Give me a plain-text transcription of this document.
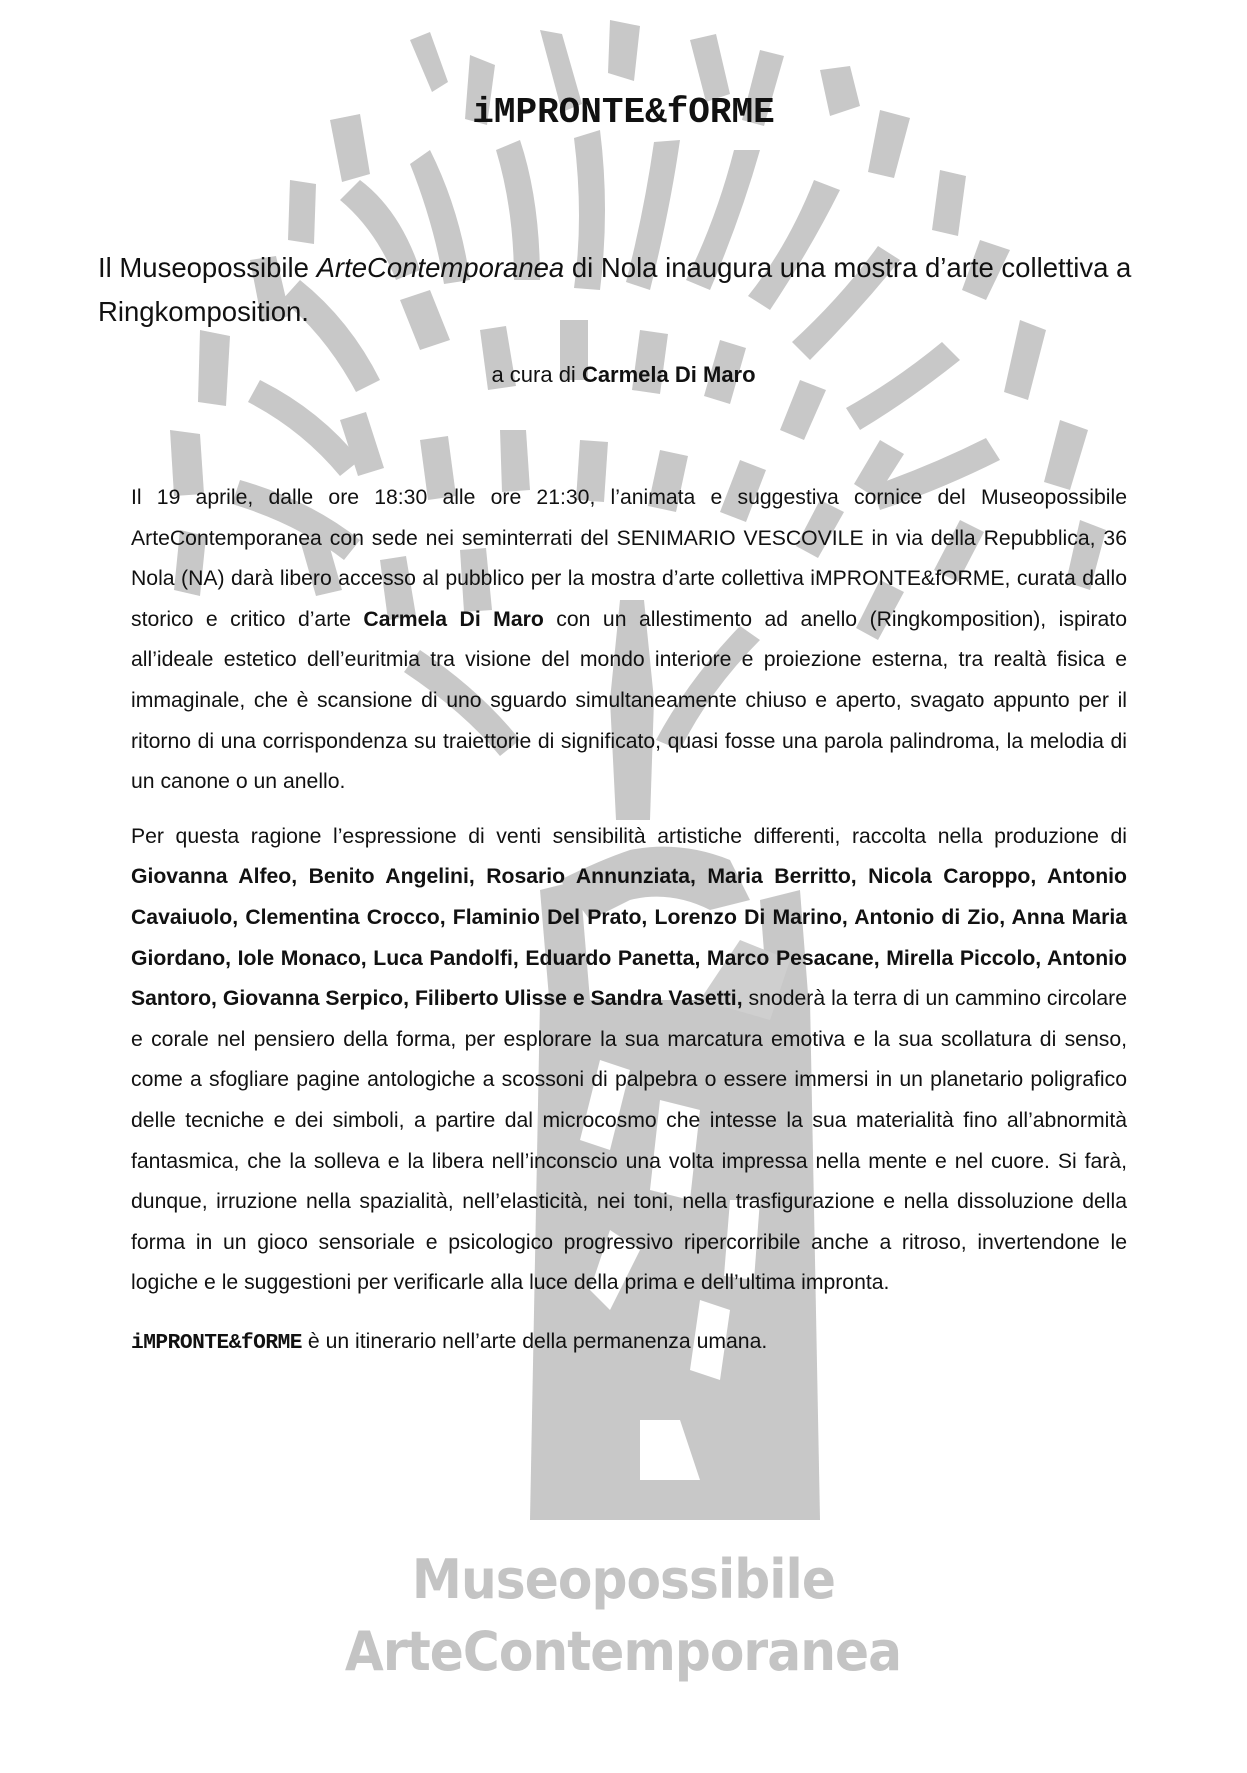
iMPRONTE&fORME
Il Museopossibile ArteContemporanea di Nola inaugura una mostra d’arte collettiva a Ringkomposition.
a cura di Carmela Di Maro

Il 19 aprile, dalle ore 18:30 alle ore 21:30, l’animata e suggestiva cornice del Museopossibile ArteContemporanea con sede nei seminterrati del SENIMARIO VESCOVILE in via della Repubblica, 36 Nola (NA) darà libero accesso al pubblico per la mostra d’arte collettiva iMPRONTE&fORME, curata dallo storico e critico d’arte Carmela Di Maro con un allestimento ad anello (Ringkomposition), ispirato all’ideale estetico dell’euritmia tra visione del mondo interiore e proiezione esterna, tra realtà fisica e immaginale, che è scansione di uno sguardo simultaneamente chiuso e aperto, svagato appunto per il ritorno di una corrispondenza su traiettorie di significato, quasi fosse una parola palindroma, la melodia di un canone o un anello.

Per questa ragione l’espressione di venti sensibilità artistiche differenti, raccolta nella produzione di Giovanna Alfeo, Benito Angelini, Rosario Annunziata, Maria Berritto, Nicola Caroppo, Antonio Cavaiuolo, Clementina Crocco, Flaminio Del Prato, Lorenzo Di Marino, Antonio di Zio, Anna Maria Giordano, Iole Monaco, Luca Pandolfi, Eduardo Panetta, Marco Pesacane, Mirella Piccolo, Antonio Santoro, Giovanna Serpico, Filiberto Ulisse e Sandra Vasetti, snoderà la terra di un cammino circolare e corale nel pensiero della forma, per esplorare la sua marcatura emotiva e la sua scollatura di senso, come a sfogliare pagine antologiche a scossoni di palpebra o essere immersi in un planetario poligrafico delle tecniche e dei simboli, a partire dal microcosmo che intesse la sua materialità fino all’abnormità fantasmica, che la solleva e la libera nell’inconscio una volta impressa nella mente e nel cuore. Si farà, dunque, irruzione nella spazialità, nell’elasticità, nei toni, nella trasfigurazione e nella dissoluzione della forma in un gioco sensoriale e psicologico progressivo ripercorribile anche a ritroso, invertendone le logiche e le suggestioni per verificarle alla luce della prima e dell’ultima impronta.

iMPRONTE&fORME è un itinerario nell’arte della permanenza umana.

Museopossibile
ArteContemporanea
